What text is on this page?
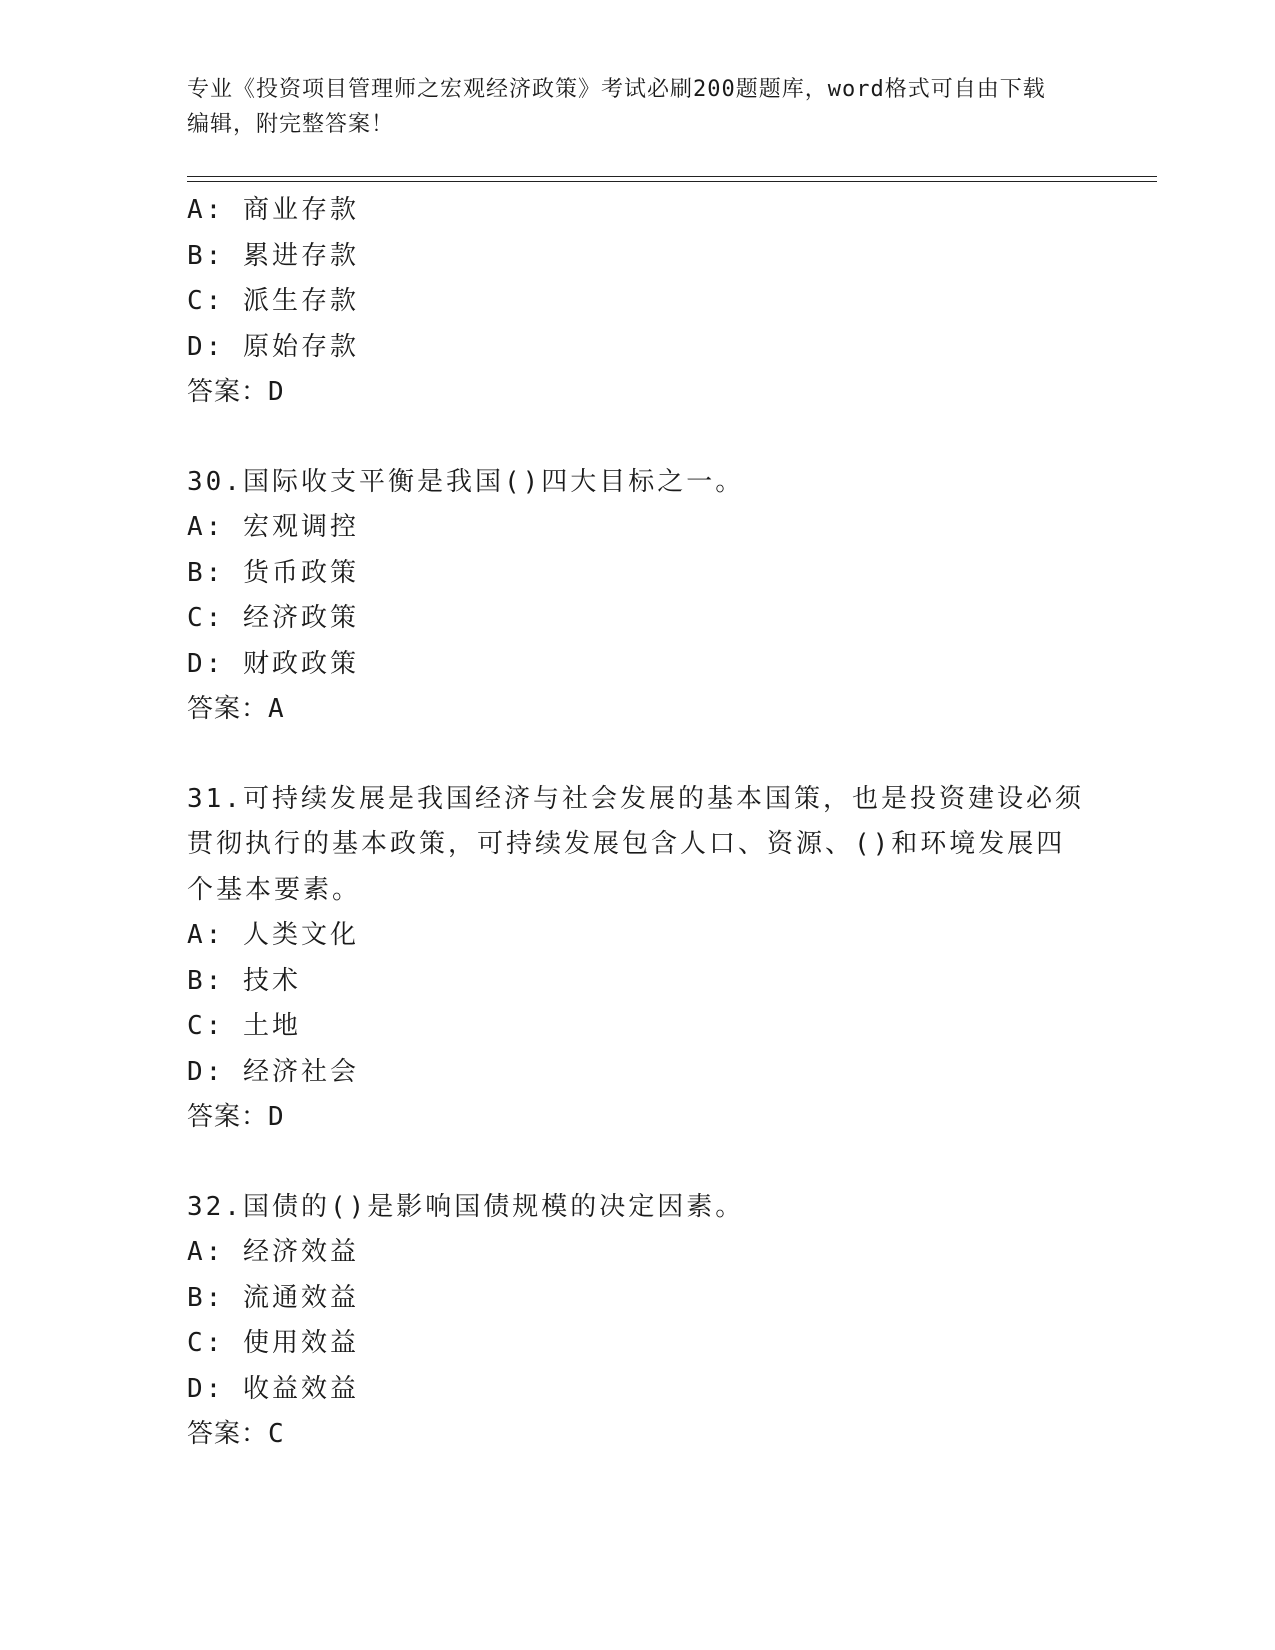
专业《投资项目管理师之宏观经济政策》考试必刷200题题库，word格式可自由下载编辑，附完整答案！
A: 商业存款
B: 累进存款
C: 派生存款
D: 原始存款
答案：D
30.国际收支平衡是我国()四大目标之一。
A: 宏观调控
B: 货币政策
C: 经济政策
D: 财政政策
答案：A
31.可持续发展是我国经济与社会发展的基本国策，也是投资建设必须
贯彻执行的基本政策，可持续发展包含人口、资源、()和环境发展四
个基本要素。
A: 人类文化
B: 技术
C: 土地
D: 经济社会
答案：D
32.国债的()是影响国债规模的决定因素。
A: 经济效益
B: 流通效益
C: 使用效益
D: 收益效益
答案：C
